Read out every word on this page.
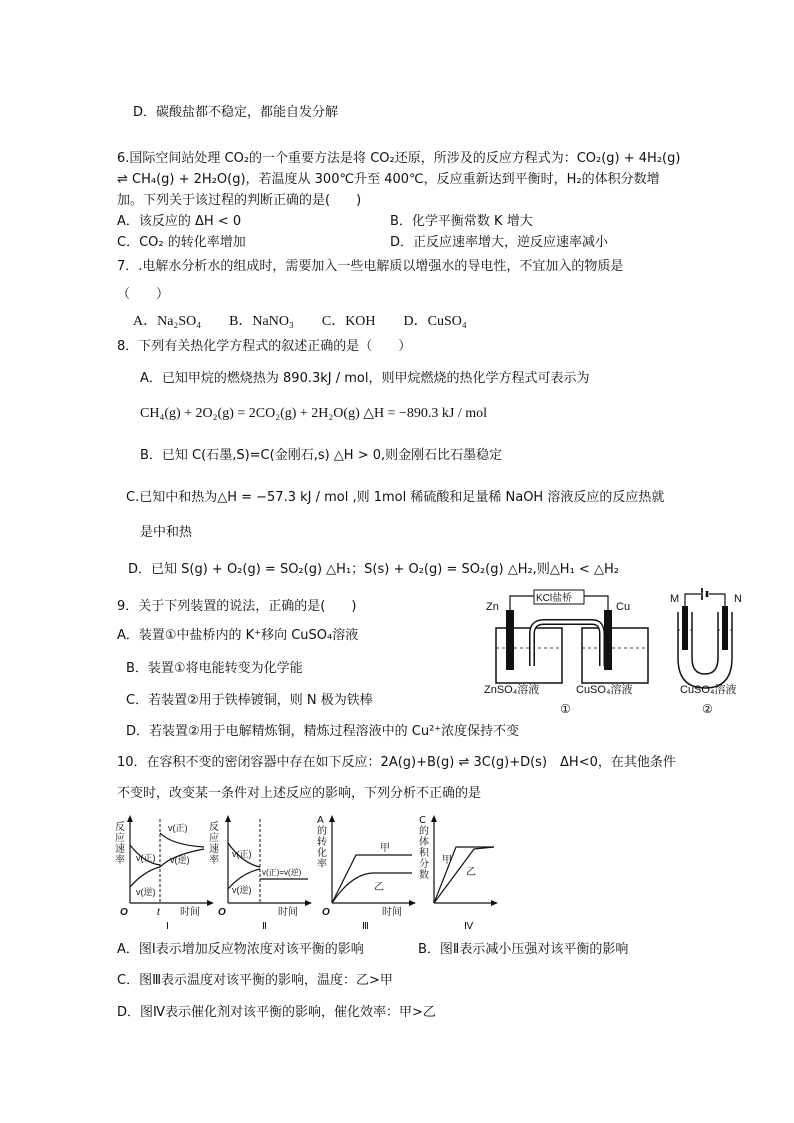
D．碳酸盐都不稳定，都能自发分解
6.国际空间站处理 CO₂的一个重要方法是将 CO₂还原，所涉及的反应方程式为：CO₂(g) + 4H₂(g)
⇌ CH₄(g) + 2H₂O(g)，若温度从 300℃升至 400℃，反应重新达到平衡时，H₂的体积分数增
加。下列关于该过程的判断正确的是(　　)
A．该反应的 ΔH < 0	B．化学平衡常数 K 增大
C．CO₂ 的转化率增加	D．正反应速率增大，逆反应速率减小
7．.电解水分析水的组成时，需要加入一些电解质以增强水的导电性，不宜加入的物质是
（　　）
A．Na₂SO₄　　B．NaNO₃　　C．KOH　　D．CuSO₄
8．下列有关热化学方程式的叙述正确的是（　　）
A．已知甲烷的燃烧热为 890.3kJ / mol，则甲烷燃烧的热化学方程式可表示为
CH₄(g) + 2O₂(g) = 2CO₂(g) + 2H₂O(g) △H = −890.3 kJ / mol
B．已知 C(石墨,S)=C(金刚石,s) △H > 0,则金刚石比石墨稳定
C.已知中和热为△H = −57.3 kJ / mol ,则 1mol 稀硫酸和足量稀 NaOH 溶液反应的反应热就
是中和热
D．已知 S(g) + O₂(g) = SO₂(g) △H₁；S(s) + O₂(g) = SO₂(g) △H₂,则△H₁ < △H₂
9．关于下列装置的说法，正确的是(　　)
A．装置①中盐桥内的 K⁺移向 CuSO₄溶液
B．装置①将电能转变为化学能
C．若装置②用于铁棒镀铜，则 N 极为铁棒
D．若装置②用于电解精炼铜，精炼过程溶液中的 Cu²⁺浓度保持不变
Zn	Cu
KCl盐桥
ZnSO₄溶液	CuSO₄溶液
①
M	N
CuSO₄溶液
②
10．在容积不变的密闭容器中存在如下反应：2A(g)+B(g) ⇌ 3C(g)+D(s)　ΔH<0，在其他条件
不变时，改变某一条件对上述反应的影响，下列分析不正确的是
v(正)
v(逆)
v(正)
v(逆)
O	t 时间
Ⅰ
v(正)
v(逆)
v(正)=v(逆)
O	时间
Ⅱ
甲
乙
O	时间
Ⅲ
甲
乙
Ⅳ
反应速率
反应速率
A的转化率
C的体积分数
A．图Ⅰ表示增加反应物浓度对该平衡的影响	B．图Ⅱ表示减小压强对该平衡的影响
C．图Ⅲ表示温度对该平衡的影响，温度：乙>甲
D．图Ⅳ表示催化剂对该平衡的影响，催化效率：甲>乙
